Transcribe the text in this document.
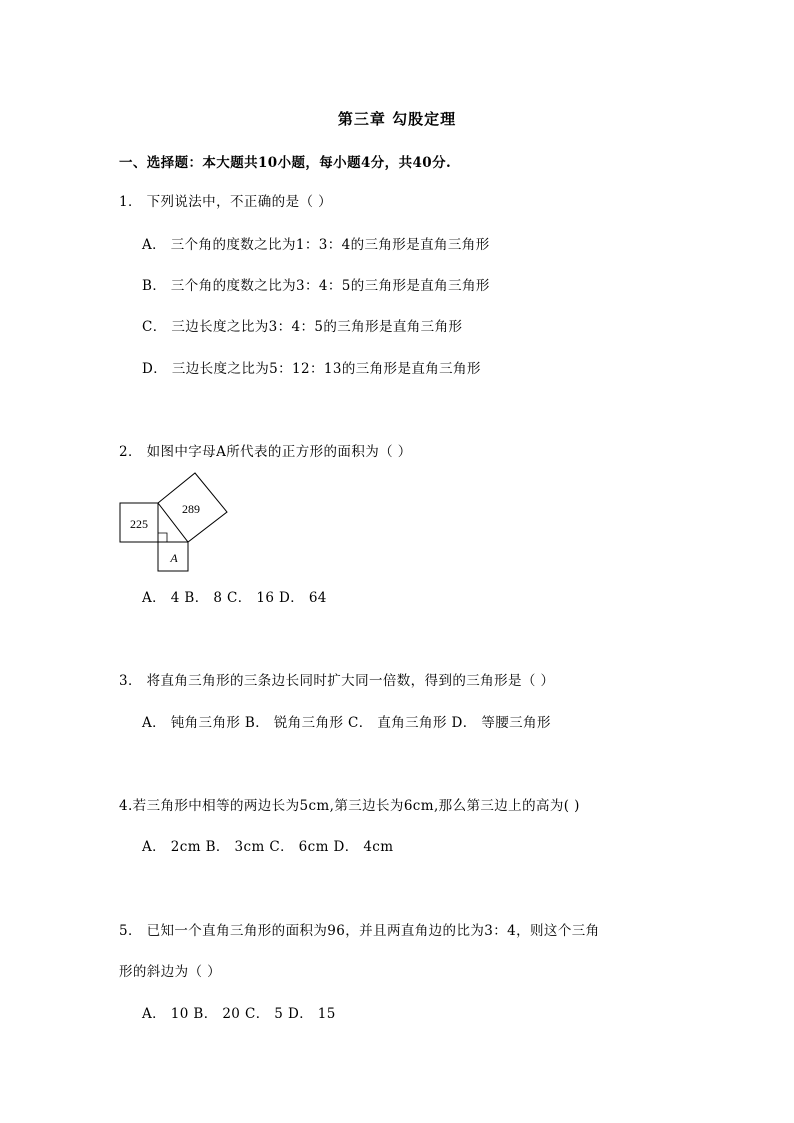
第三章 勾股定理
一、选择题：本大题共10小题，每小题4分，共40分.
1． 下列说法中，不正确的是（ ）
A． 三个角的度数之比为1：3：4的三角形是直角三角形
B． 三个角的度数之比为3：4：5的三角形是直角三角形
C． 三边长度之比为3：4：5的三角形是直角三角形
D． 三边长度之比为5：12：13的三角形是直角三角形
2． 如图中字母A所代表的正方形的面积为（ ）
225
289
A
A． 4 B． 8 C． 16 D． 64
3． 将直角三角形的三条边长同时扩大同一倍数，得到的三角形是（ ）
A． 钝角三角形 B． 锐角三角形 C． 直角三角形 D． 等腰三角形
4.若三角形中相等的两边长为5cm,第三边长为6cm,那么第三边上的高为( )
A． 2cm B． 3cm C． 6cm D． 4cm
5． 已知一个直角三角形的面积为96，并且两直角边的比为3：4，则这个三角
形的斜边为（ ）
A． 10 B． 20 C． 5 D． 15
